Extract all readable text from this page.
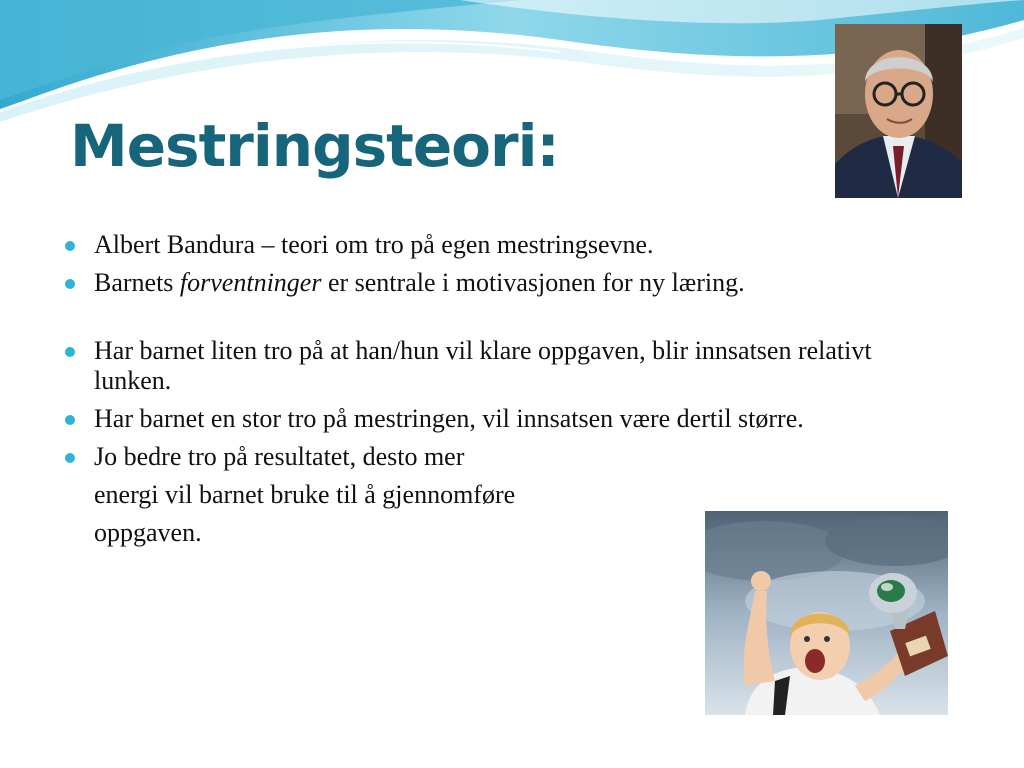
Mestringsteori:
Albert Bandura – teori om tro på egen mestringsevne.
Barnets forventninger er sentrale i motivasjonen for ny læring.
Har barnet liten tro på at han/hun vil klare oppgaven, blir innsatsen relativt lunken.
Har barnet en stor tro på mestringen, vil innsatsen være dertil større.
Jo bedre tro på resultatet, desto mer
energi vil barnet bruke til å gjennomføre
oppgaven.
